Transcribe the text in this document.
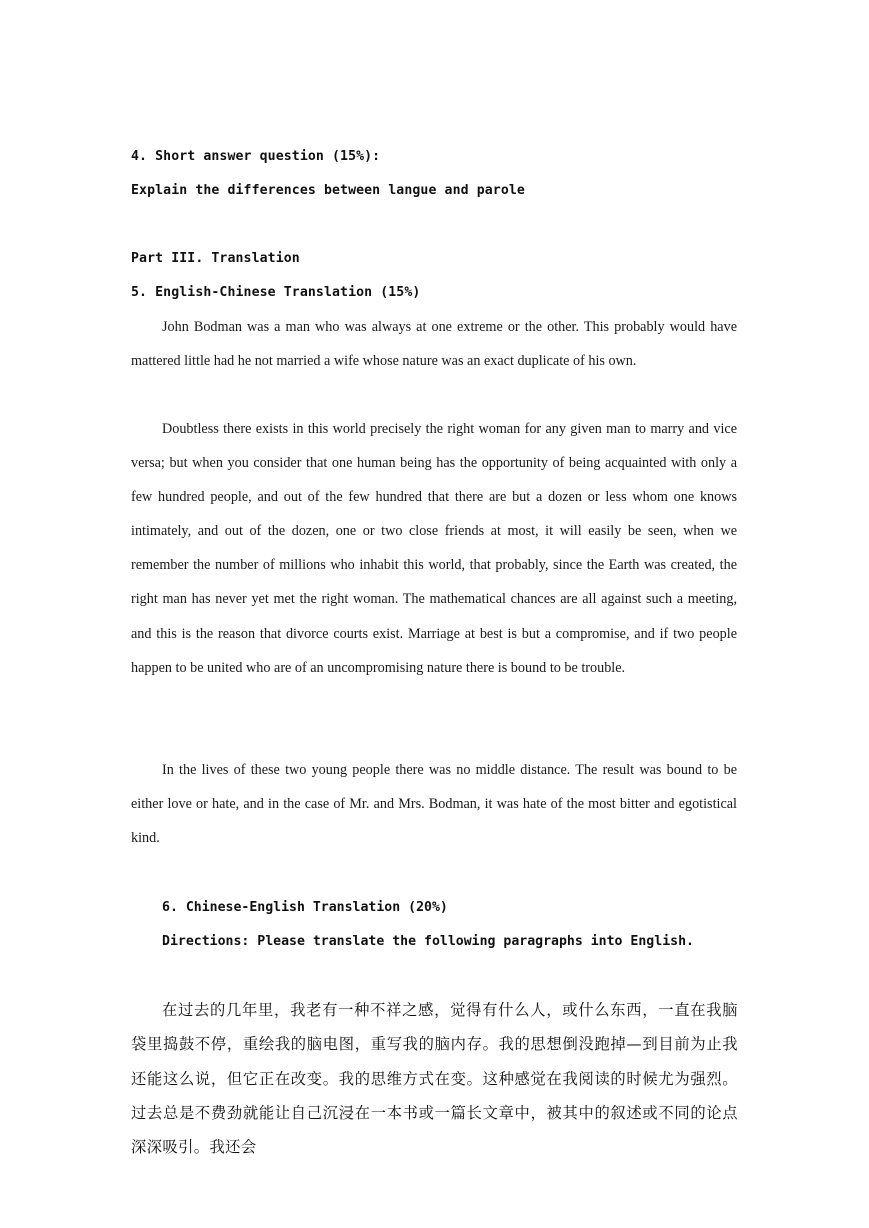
4. Short answer question (15%):
Explain the differences between langue and parole
Part III. Translation
5. English-Chinese Translation (15%)

John Bodman was a man who was always at one extreme or the other. This probably would have mattered little had he not married a wife whose nature was an exact duplicate of his own.

Doubtless there exists in this world precisely the right woman for any given man to marry and vice versa; but when you consider that one human being has the opportunity of being acquainted with only a few hundred people, and out of the few hundred that there are but a dozen or less whom one knows intimately, and out of the dozen, one or two close friends at most, it will easily be seen, when we remember the number of millions who inhabit this world, that probably, since the Earth was created, the right man has never yet met the right woman. The mathematical chances are all against such a meeting, and this is the reason that divorce courts exist. Marriage at best is but a compromise, and if two people happen to be united who are of an uncompromising nature there is bound to be trouble.

In the lives of these two young people there was no middle distance. The result was bound to be either love or hate, and in the case of Mr. and Mrs. Bodman, it was hate of the most bitter and egotistical kind.

6. Chinese-English Translation (20%)
Directions: Please translate the following paragraphs into English.

在过去的几年里，我老有一种不祥之感，觉得有什么人，或什么东西，一直在我脑袋里捣鼓不停，重绘我的脑电图，重写我的脑内存。我的思想倒没跑掉—到目前为止我还能这么说，但它正在改变。我的思维方式在变。这种感觉在我阅读的时候尤为强烈。过去总是不费劲就能让自己沉浸在一本书或一篇长文章中，被其中的叙述或不同的论点深深吸引。我还会
